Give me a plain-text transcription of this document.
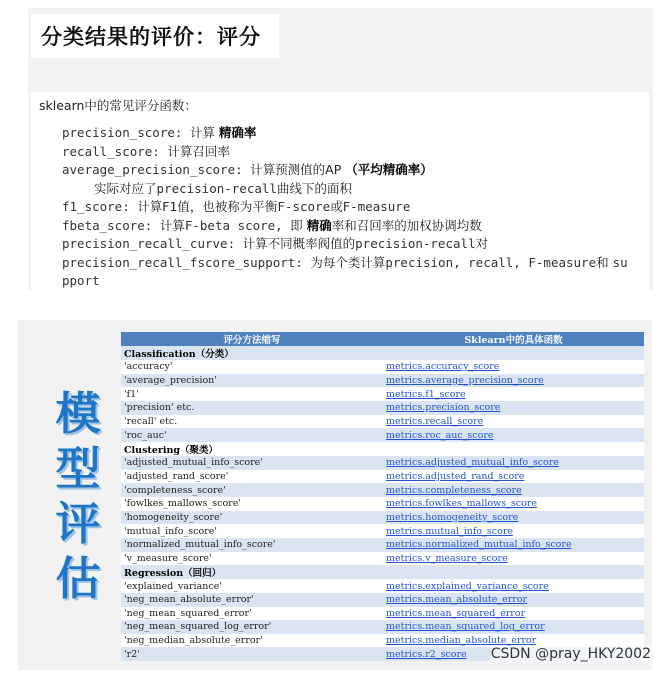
分类结果的评价：评分
sklearn中的常见评分函数：
precision_score: 计算 精确率
recall_score: 计算召回率
average_precision_score: 计算预测值的AP （平均精确率）
实际对应了precision-recall曲线下的面积
f1_score: 计算F1值，也被称为平衡F-score或F-measure
fbeta_score: 计算F-beta score, 即 精确率和召回率的加权协调均数
precision_recall_curve: 计算不同概率阀值的precision-recall对
precision_recall_fscore_support: 为每个类计算precision, recall, F-measure和 su
pport
模
型
评
估
评分方法缩写	Sklearn中的具体函数
Classification（分类）	
'accuracy'	metrics.accuracy_score
'average_precision'	metrics.average_precision_score
'f1'	metrics.f1_score
'precision' etc.	metrics.precision_score
'recall' etc.	metrics.recall_score
'roc_auc'	metrics.roc_auc_score
Clustering（聚类）	
'adjusted_mutual_info_score'	metrics.adjusted_mutual_info_score
'adjusted_rand_score'	metrics.adjusted_rand_score
'completeness_score'	metrics.completeness_score
'fowlkes_mallows_score'	metrics.fowlkes_mallows_score
'homogeneity_score'	metrics.homogeneity_score
'mutual_info_score'	metrics.mutual_info_score
'normalized_mutual_info_score'	metrics.normalized_mutual_info_score
'v_measure_score'	metrics.v_measure_score
Regression（回归）	
'explained_variance'	metrics.explained_variance_score
'neg_mean_absolute_error'	metrics.mean_absolute_error
'neg_mean_squared_error'	metrics.mean_squared_error
'neg_mean_squared_log_error'	metrics.mean_squared_log_error
'neg_median_absolute_error'	metrics.median_absolute_error
'r2'	metrics.r2_score CSDN @pray_HKY2002
